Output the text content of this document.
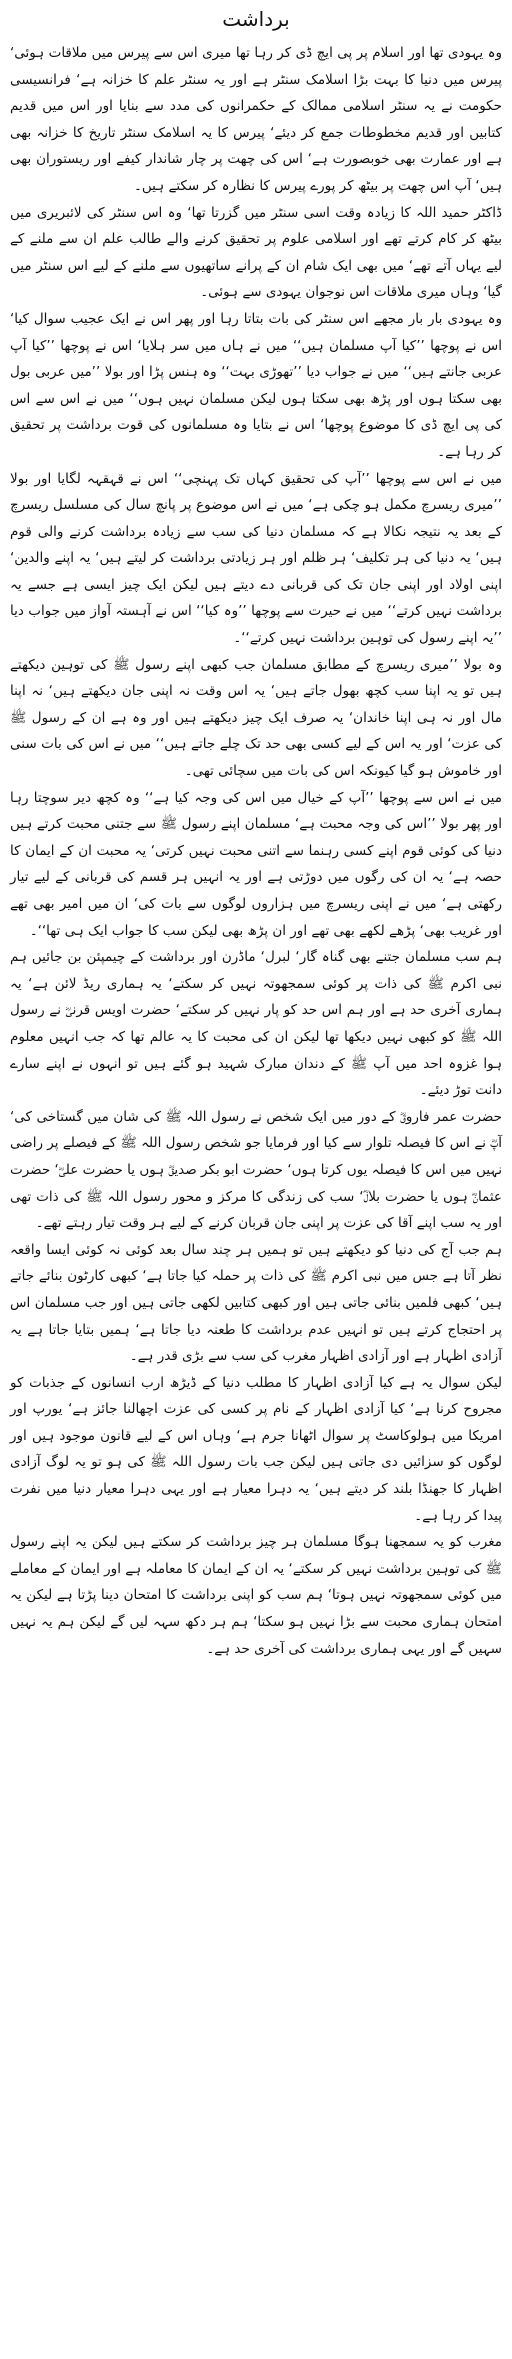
برداشت

وہ یہودی تھا اور اسلام پر پی ایچ ڈی کر رہا تھا میری اس سے پیرس میں ملاقات ہوئی‘ پیرس میں دنیا کا بہت بڑا اسلامک سنٹر ہے اور یہ سنٹر علم کا خزانہ ہے‘ فرانسیسی حکومت نے یہ سنٹر اسلامی ممالک کے حکمرانوں کی مدد سے بنایا اور اس میں قدیم کتابیں اور قدیم مخطوطات جمع کر دیئے‘ پیرس کا یہ اسلامک سنٹر تاریخ کا خزانہ بھی ہے اور عمارت بھی خوبصورت ہے‘ اس کی چھت پر چار شاندار کیفے اور ریستوران بھی ہیں‘ آپ اس چھت پر بیٹھ کر پورے پیرس کا نظارہ کر سکتے ہیں۔

ڈاکٹر حمید اللہ کا زیادہ وقت اسی سنٹر میں گزرتا تھا‘ وہ اس سنٹر کی لائبریری میں بیٹھ کر کام کرتے تھے اور اسلامی علوم پر تحقیق کرنے والے طالب علم ان سے ملنے کے لیے یہاں آتے تھے‘ میں بھی ایک شام ان کے پرانے ساتھیوں سے ملنے کے لیے اس سنٹر میں گیا‘ وہاں میری ملاقات اس نوجوان یہودی سے ہوئی۔

وہ یہودی بار بار مجھے اس سنٹر کی بات بتاتا رہا اور پھر اس نے ایک عجیب سوال کیا‘ اس نے پوچھا ’’کیا آپ مسلمان ہیں‘‘ میں نے ہاں میں سر ہلایا‘ اس نے پوچھا ’’کیا آپ عربی جانتے ہیں‘‘ میں نے جواب دیا ’’تھوڑی بہت‘‘ وہ ہنس پڑا اور بولا ’’میں عربی بول بھی سکتا ہوں اور پڑھ بھی سکتا ہوں لیکن مسلمان نہیں ہوں‘‘ میں نے اس سے اس کی پی ایچ ڈی کا موضوع پوچھا‘ اس نے بتایا وہ مسلمانوں کی قوت برداشت پر تحقیق کر رہا ہے۔

میں نے اس سے پوچھا ’’آپ کی تحقیق کہاں تک پہنچی‘‘ اس نے قہقہہ لگایا اور بولا ’’میری ریسرچ مکمل ہو چکی ہے‘ میں نے اس موضوع پر پانچ سال کی مسلسل ریسرچ کے بعد یہ نتیجہ نکالا ہے کہ مسلمان دنیا کی سب سے زیادہ برداشت کرنے والی قوم ہیں‘ یہ دنیا کی ہر تکلیف‘ ہر ظلم اور ہر زیادتی برداشت کر لیتے ہیں‘ یہ اپنے والدین‘ اپنی اولاد اور اپنی جان تک کی قربانی دے دیتے ہیں لیکن ایک چیز ایسی ہے جسے یہ برداشت نہیں کرتے‘‘ میں نے حیرت سے پوچھا ’’وہ کیا‘‘ اس نے آہستہ آواز میں جواب دیا ’’یہ اپنے رسول کی توہین برداشت نہیں کرتے‘‘۔

وہ بولا ’’میری ریسرچ کے مطابق مسلمان جب کبھی اپنے رسول ﷺ کی توہین دیکھتے ہیں تو یہ اپنا سب کچھ بھول جاتے ہیں‘ یہ اس وقت نہ اپنی جان دیکھتے ہیں‘ نہ اپنا مال اور نہ ہی اپنا خاندان‘ یہ صرف ایک چیز دیکھتے ہیں اور وہ ہے ان کے رسول ﷺ کی عزت‘ اور یہ اس کے لیے کسی بھی حد تک چلے جاتے ہیں‘‘ میں نے اس کی بات سنی اور خاموش ہو گیا کیونکہ اس کی بات میں سچائی تھی۔

میں نے اس سے پوچھا ’’آپ کے خیال میں اس کی وجہ کیا ہے‘‘ وہ کچھ دیر سوچتا رہا اور پھر بولا ’’اس کی وجہ محبت ہے‘ مسلمان اپنے رسول ﷺ سے جتنی محبت کرتے ہیں دنیا کی کوئی قوم اپنے کسی رہنما سے اتنی محبت نہیں کرتی‘ یہ محبت ان کے ایمان کا حصہ ہے‘ یہ ان کی رگوں میں دوڑتی ہے اور یہ انہیں ہر قسم کی قربانی کے لیے تیار رکھتی ہے‘ میں نے اپنی ریسرچ میں ہزاروں لوگوں سے بات کی‘ ان میں امیر بھی تھے اور غریب بھی‘ پڑھے لکھے بھی تھے اور ان پڑھ بھی لیکن سب کا جواب ایک ہی تھا‘‘۔

ہم سب مسلمان جتنے بھی گناہ گار‘ لبرل‘ ماڈرن اور برداشت کے چیمپئن بن جائیں ہم نبی اکرم ﷺ کی ذات پر کوئی سمجھوتہ نہیں کر سکتے‘ یہ ہماری ریڈ لائن ہے‘ یہ ہماری آخری حد ہے اور ہم اس حد کو پار نہیں کر سکتے‘ حضرت اویس قرنیؓ نے رسول اللہ ﷺ کو کبھی نہیں دیکھا تھا لیکن ان کی محبت کا یہ عالم تھا کہ جب انہیں معلوم ہوا غزوہ احد میں آپ ﷺ کے دندان مبارک شہید ہو گئے ہیں تو انہوں نے اپنے سارے دانت توڑ دیئے۔

حضرت عمر فاروقؓ کے دور میں ایک شخص نے رسول اللہ ﷺ کی شان میں گستاخی کی‘ آپؓ نے اس کا فیصلہ تلوار سے کیا اور فرمایا جو شخص رسول اللہ ﷺ کے فیصلے پر راضی نہیں میں اس کا فیصلہ یوں کرتا ہوں‘ حضرت ابو بکر صدیقؓ ہوں یا حضرت علیؓ‘ حضرت عثمانؓ ہوں یا حضرت بلالؓ‘ سب کی زندگی کا مرکز و محور رسول اللہ ﷺ کی ذات تھی اور یہ سب اپنے آقا کی عزت پر اپنی جان قربان کرنے کے لیے ہر وقت تیار رہتے تھے۔

ہم جب آج کی دنیا کو دیکھتے ہیں تو ہمیں ہر چند سال بعد کوئی نہ کوئی ایسا واقعہ نظر آتا ہے جس میں نبی اکرم ﷺ کی ذات پر حملہ کیا جاتا ہے‘ کبھی کارٹون بنائے جاتے ہیں‘ کبھی فلمیں بنائی جاتی ہیں اور کبھی کتابیں لکھی جاتی ہیں اور جب مسلمان اس پر احتجاج کرتے ہیں تو انہیں عدم برداشت کا طعنہ دیا جاتا ہے‘ ہمیں بتایا جاتا ہے یہ آزادی اظہار ہے اور آزادی اظہار مغرب کی سب سے بڑی قدر ہے۔

لیکن سوال یہ ہے کیا آزادی اظہار کا مطلب دنیا کے ڈیڑھ ارب انسانوں کے جذبات کو مجروح کرنا ہے‘ کیا آزادی اظہار کے نام پر کسی کی عزت اچھالنا جائز ہے‘ یورپ اور امریکا میں ہولوکاسٹ پر سوال اٹھانا جرم ہے‘ وہاں اس کے لیے قانون موجود ہیں اور لوگوں کو سزائیں دی جاتی ہیں لیکن جب بات رسول اللہ ﷺ کی ہو تو یہ لوگ آزادی اظہار کا جھنڈا بلند کر دیتے ہیں‘ یہ دہرا معیار ہے اور یہی دہرا معیار دنیا میں نفرت پیدا کر رہا ہے۔

مغرب کو یہ سمجھنا ہوگا مسلمان ہر چیز برداشت کر سکتے ہیں لیکن یہ اپنے رسول ﷺ کی توہین برداشت نہیں کر سکتے‘ یہ ان کے ایمان کا معاملہ ہے اور ایمان کے معاملے میں کوئی سمجھوتہ نہیں ہوتا‘ ہم سب کو اپنی برداشت کا امتحان دینا پڑتا ہے لیکن یہ امتحان ہماری محبت سے بڑا نہیں ہو سکتا‘ ہم ہر دکھ سہہ لیں گے لیکن ہم یہ نہیں سہیں گے اور یہی ہماری برداشت کی آخری حد ہے۔
